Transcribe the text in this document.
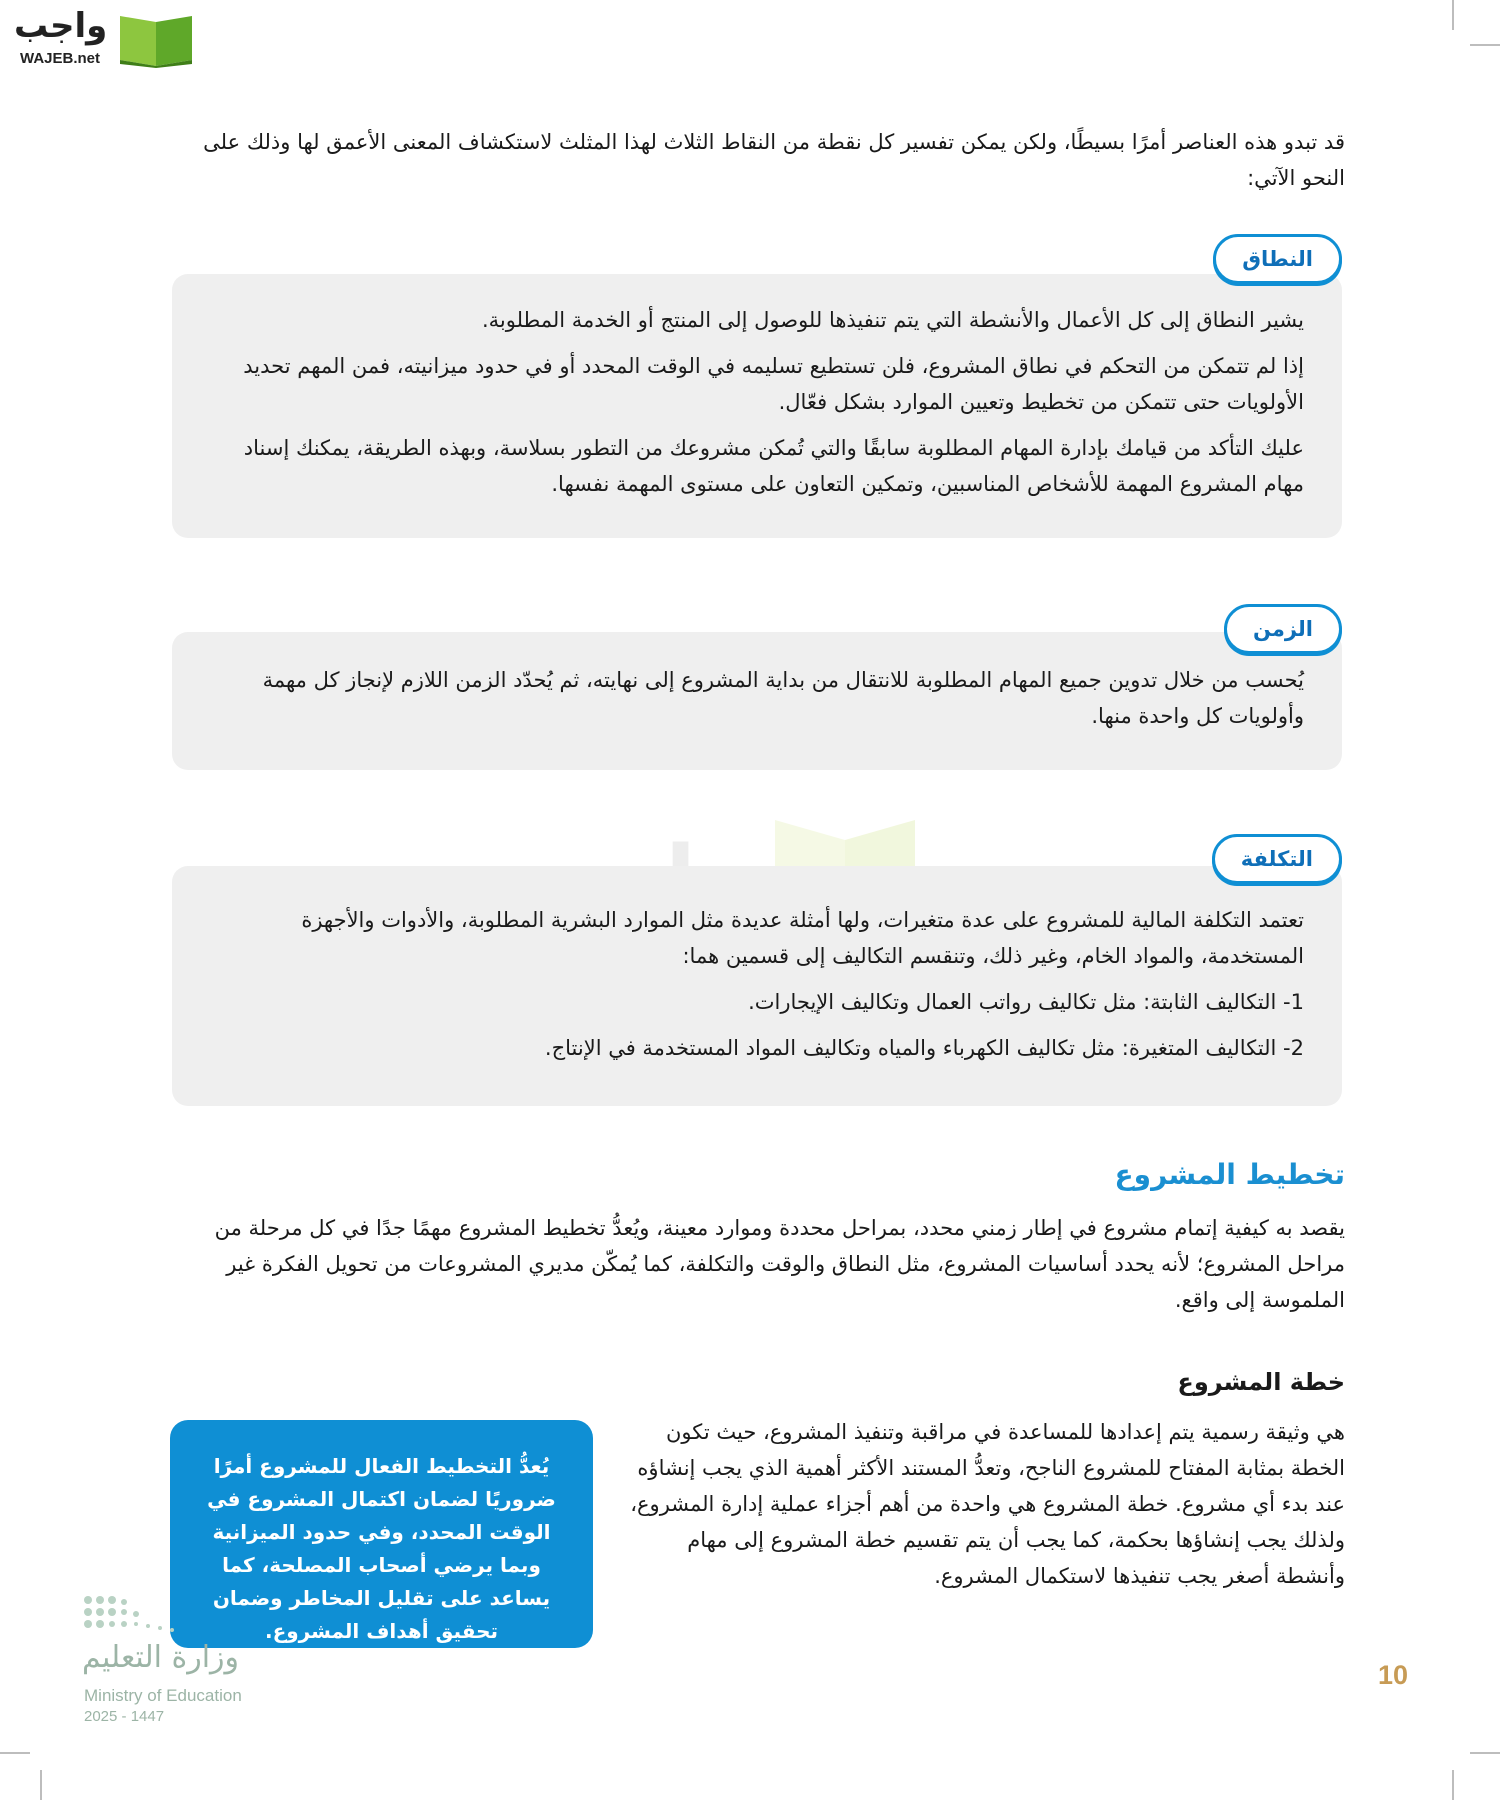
واجب
WAJEB.net

قد تبدو هذه العناصر أمرًا بسيطًا، ولكن يمكن تفسير كل نقطة من النقاط الثلاث لهذا المثلث لاستكشاف المعنى الأعمق لها وذلك على النحو الآتي:

النطاق

يشير النطاق إلى كل الأعمال والأنشطة التي يتم تنفيذها للوصول إلى المنتج أو الخدمة المطلوبة.

إذا لم تتمكن من التحكم في نطاق المشروع، فلن تستطيع تسليمه في الوقت المحدد أو في حدود ميزانيته، فمن المهم تحديد الأولويات حتى تتمكن من تخطيط وتعيين الموارد بشكل فعّال.

عليك التأكد من قيامك بإدارة المهام المطلوبة سابقًا والتي تُمكن مشروعك من التطور بسلاسة، وبهذه الطريقة، يمكنك إسناد مهام المشروع المهمة للأشخاص المناسبين، وتمكين التعاون على مستوى المهمة نفسها.

الزمن

يُحسب من خلال تدوين جميع المهام المطلوبة للانتقال من بداية المشروع إلى نهايته، ثم يُحدّد الزمن اللازم لإنجاز كل مهمة وأولويات كل واحدة منها.

التكلفة

تعتمد التكلفة المالية للمشروع على عدة متغيرات، ولها أمثلة عديدة مثل الموارد البشرية المطلوبة، والأدوات والأجهزة المستخدمة، والمواد الخام، وغير ذلك، وتنقسم التكاليف إلى قسمين هما:

1- التكاليف الثابتة: مثل تكاليف رواتب العمال وتكاليف الإيجارات.

2- التكاليف المتغيرة: مثل تكاليف الكهرباء والمياه وتكاليف المواد المستخدمة في الإنتاج.

تخطيط المشروع

يقصد به كيفية إتمام مشروع في إطار زمني محدد، بمراحل محددة وموارد معينة، ويُعدُّ تخطيط المشروع مهمًا جدًا في كل مرحلة من مراحل المشروع؛ لأنه يحدد أساسيات المشروع، مثل النطاق والوقت والتكلفة، كما يُمكّن مديري المشروعات من تحويل الفكرة غير الملموسة إلى واقع.

خطة المشروع

هي وثيقة رسمية يتم إعدادها للمساعدة في مراقبة وتنفيذ المشروع، حيث تكون الخطة بمثابة المفتاح للمشروع الناجح، وتعدُّ المستند الأكثر أهمية الذي يجب إنشاؤه عند بدء أي مشروع. خطة المشروع هي واحدة من أهم أجزاء عملية إدارة المشروع، ولذلك يجب إنشاؤها بحكمة، كما يجب أن يتم تقسيم خطة المشروع إلى مهام وأنشطة أصغر يجب تنفيذها لاستكمال المشروع.

يُعدُّ التخطيط الفعال للمشروع أمرًا ضروريًا لضمان اكتمال المشروع في الوقت المحدد، وفي حدود الميزانية وبما يرضي أصحاب المصلحة، كما يساعد على تقليل المخاطر وضمان تحقيق أهداف المشروع.
وزارة التعليم
Ministry of Education
2025 - 1447
10
